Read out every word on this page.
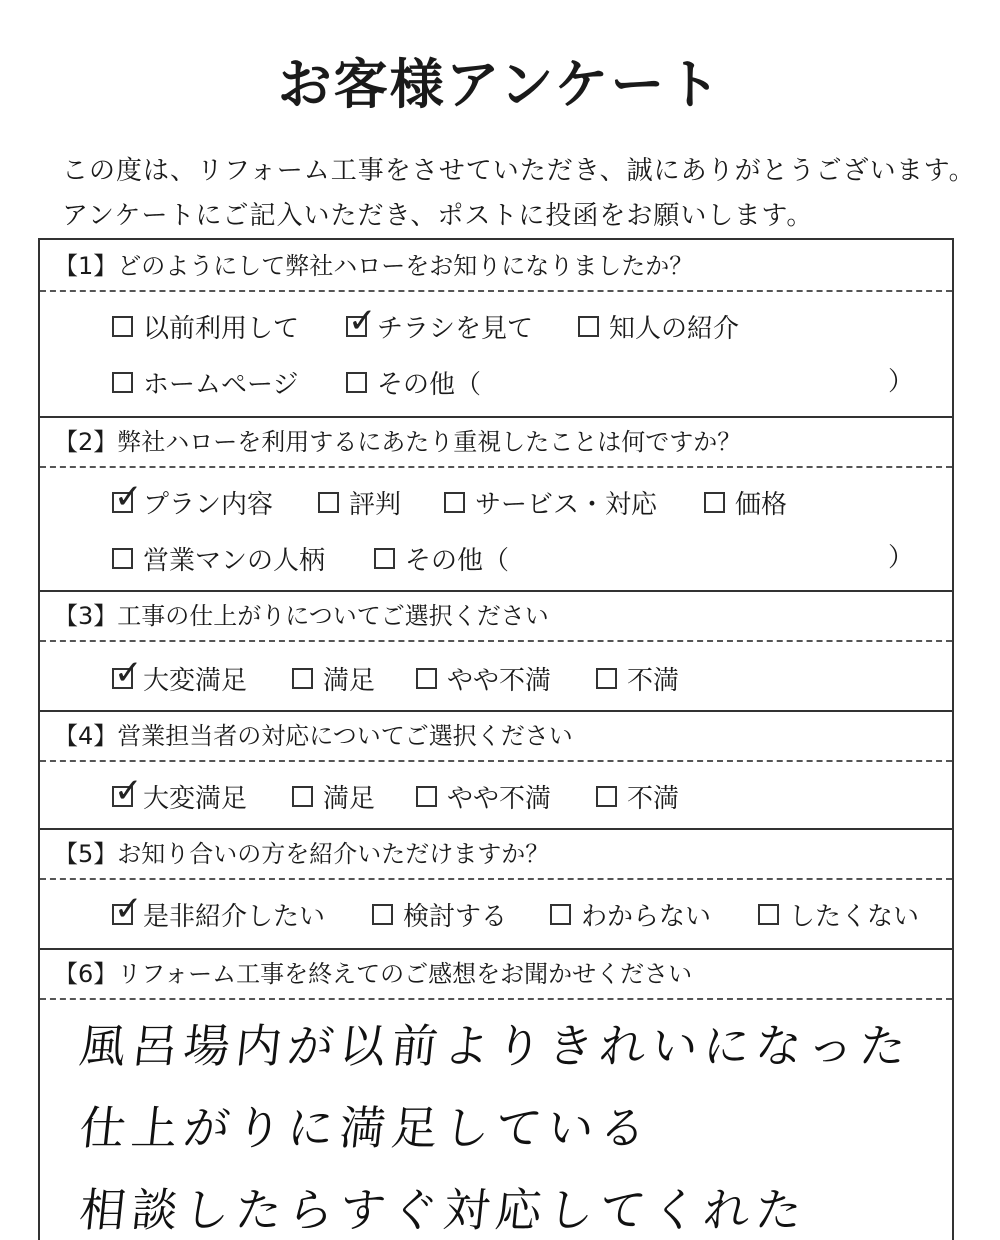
お客様アンケート
この度は、リフォーム工事をさせていただき、誠にありがとうございます。
アンケートにご記入いただき、ポストに投函をお願いします。
【1】どのようにして弊社ハローをお知りになりましたか？
以前利用して ✓ チラシを見て	知人の紹介
ホームページ	その他（	）
【2】弊社ハローを利用するにあたり重視したことは何ですか？
✓ プラン内容	評判	サービス・対応	価格
営業マンの人柄	その他（	）
【3】工事の仕上がりについてご選択ください
✓ 大変満足	満足	やや不満	不満
【4】営業担当者の対応についてご選択ください
✓ 大変満足	満足	やや不満	不満
【5】お知り合いの方を紹介いただけますか？
✓ 是非紹介したい	検討する	わからない	したくない
【6】リフォーム工事を終えてのご感想をお聞かせください
風呂場内が以前よりきれいになった
仕上がりに満足している
相談したらすぐ対応してくれた
